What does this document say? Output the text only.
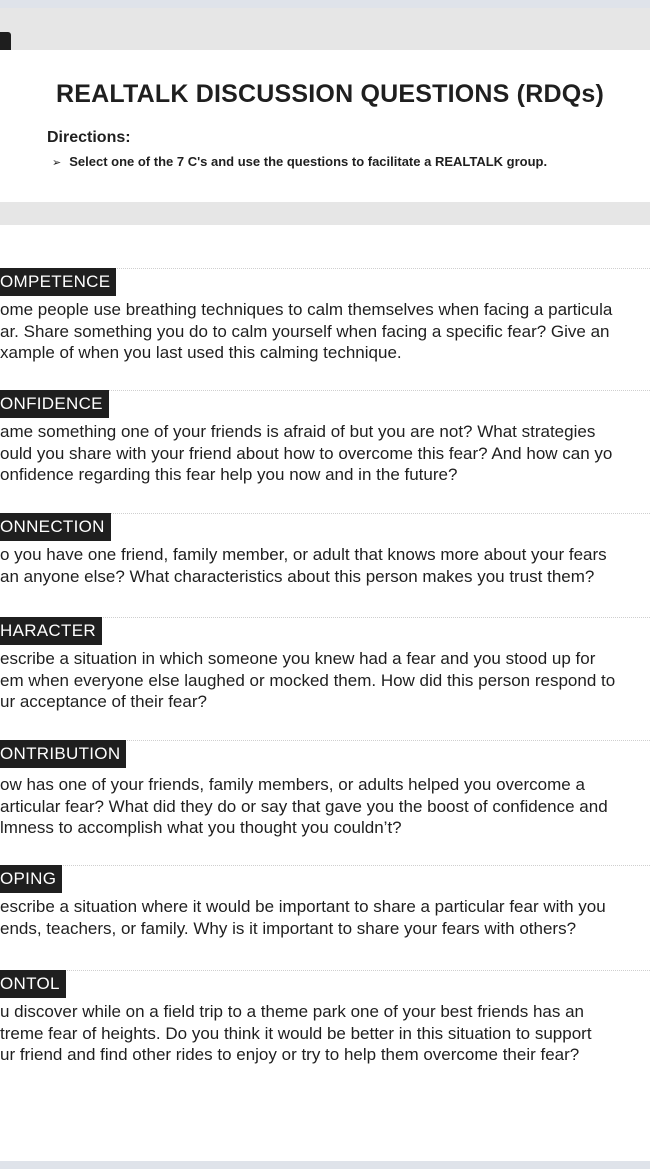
REALTALK DISCUSSION QUESTIONS (RDQs)
Directions:
➢ Select one of the 7 C's and use the questions to facilitate a REALTALK group.
OMPETENCE
ome people use breathing techniques to calm themselves when facing a particula
ar. Share something you do to calm yourself when facing a specific fear? Give an
xample of when you last used this calming technique.
ONFIDENCE
ame something one of your friends is afraid of but you are not? What strategies
ould you share with your friend about how to overcome this fear? And how can yo
onfidence regarding this fear help you now and in the future?
ONNECTION
o you have one friend, family member, or adult that knows more about your fears
an anyone else? What characteristics about this person makes you trust them?
HARACTER
escribe a situation in which someone you knew had a fear and you stood up for
em when everyone else laughed or mocked them. How did this person respond to
ur acceptance of their fear?
ONTRIBUTION
ow has one of your friends, family members, or adults helped you overcome a
articular fear? What did they do or say that gave you the boost of confidence and
lmness to accomplish what you thought you couldn’t?
OPING
escribe a situation where it would be important to share a particular fear with you
ends, teachers, or family. Why is it important to share your fears with others?
ONTOL
u discover while on a field trip to a theme park one of your best friends has an
treme fear of heights. Do you think it would be better in this situation to support
ur friend and find other rides to enjoy or try to help them overcome their fear?
